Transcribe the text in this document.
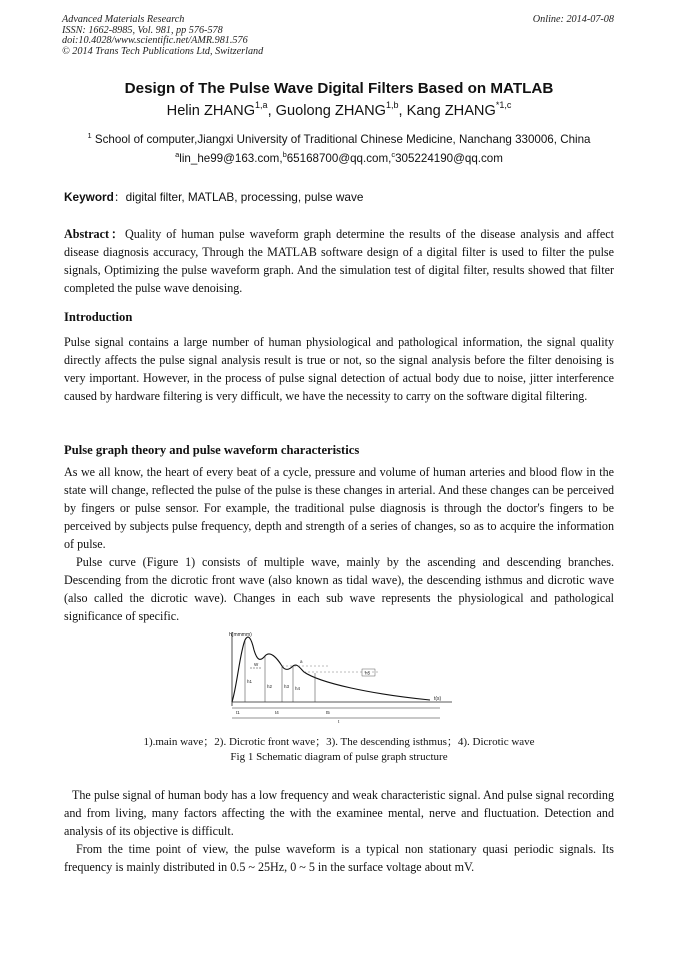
Advanced Materials Research
ISSN: 1662-8985, Vol. 981, pp 576-578
doi:10.4028/www.scientific.net/AMR.981.576
© 2014 Trans Tech Publications Ltd, Switzerland
Online: 2014-07-08
Design of The Pulse Wave Digital Filters Based on MATLAB
Helin ZHANG$^{1,a}$, Guolong ZHANG$^{1,b}$, Kang ZHANG$^{*1,c}$
$^1$ School of computer,Jiangxi University of Traditional Chinese Medicine, Nanchang 330006, China
$^a$lin_he99@163.com,$^b$65168700@qq.com,$^c$305224190@qq.com
Keyword：digital filter, MATLAB, processing, pulse wave

Abstract：Quality of human pulse waveform graph determine the results of the disease analysis and affect disease diagnosis accuracy, Through the MATLAB software design of a digital filter is used to filter the pulse signals, Optimizing the pulse waveform graph. And the simulation test of digital filter, results showed that filter completed the pulse wave denoising.

Introduction

Pulse signal contains a large number of human physiological and pathological information, the signal quality directly affects the pulse signal analysis result is true or not, so the signal analysis before the filter denoising is very important. However, in the process of pulse signal detection of actual body due to noise, jitter interference caused by hardware filtering is very difficult, we have the necessity to carry on the software digital filtering.

Pulse graph theory and pulse waveform characteristics

As we all know, the heart of every beat of a cycle, pressure and volume of human arteries and blood flow in the state will change, reflected the pulse of the pulse is these changes in arterial. And these changes can be perceived by fingers or pulse sensor. For example, the traditional pulse diagnosis is through the doctor's fingers to be perceived by subjects pulse frequency, depth and strength of a series of changes, so as to acquire the information of pulse.

Pulse curve (Figure 1) consists of multiple wave, mainly by the ascending and descending branches. Descending from the dicrotic front wave (also known as tidal wave), the descending isthmus and dicrotic wave (also called the dicrotic wave). Changes in each sub wave represents the physiological and pathological significance of specific.

h(mmmm)
t(s)
h1
h2	h3 h4
h5
W
a
t1	t4	t5
t
1).main wave；2). Dicrotic front wave；3). The descending isthmus；4). Dicrotic wave
Fig 1 Schematic diagram of pulse graph structure

The pulse signal of human body has a low frequency and weak characteristic signal. And pulse signal recording and from living, many factors affecting the with the examinee mental, nerve and fluctuation. Detection and analysis of its objective is difficult.

From the time point of view, the pulse waveform is a typical non stationary quasi periodic signals. Its frequency is mainly distributed in 0.5 ~ 25Hz, 0 ~ 5 in the surface voltage about mV.
